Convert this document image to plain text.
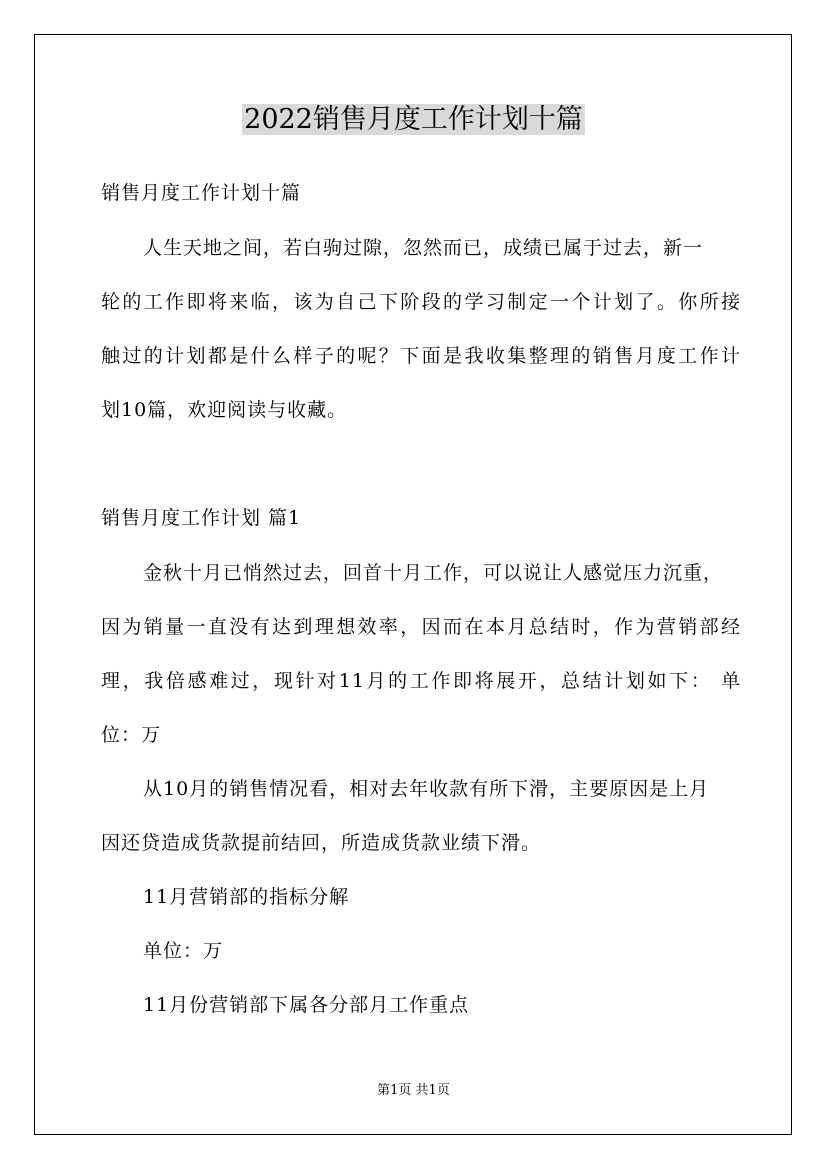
2022销售月度工作计划十篇
销售月度工作计划十篇
人生天地之间，若白驹过隙，忽然而已，成绩已属于过去，新一
轮的工作即将来临，该为自己下阶段的学习制定一个计划了。你所接
触过的计划都是什么样子的呢？下面是我收集整理的销售月度工作计
划10篇，欢迎阅读与收藏。
销售月度工作计划 篇1
金秋十月已悄然过去，回首十月工作，可以说让人感觉压力沉重，
因为销量一直没有达到理想效率，因而在本月总结时，作为营销部经
理，我倍感难过，现针对11月的工作即将展开，总结计划如下： 单
位：万
从10月的销售情况看，相对去年收款有所下滑，主要原因是上月
因还贷造成货款提前结回，所造成货款业绩下滑。
11月营销部的指标分解
单位：万
11月份营销部下属各分部月工作重点
第1页 共1页
